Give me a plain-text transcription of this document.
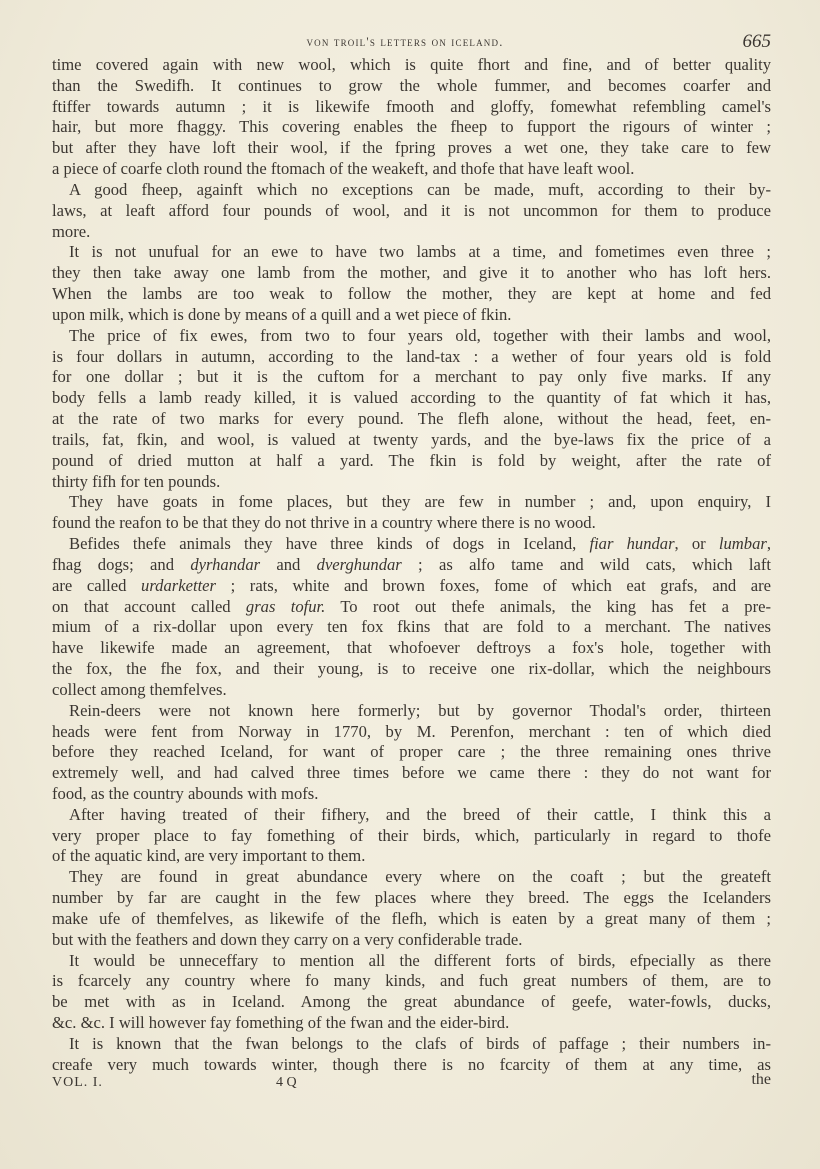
von troil's letters on iceland.	665
time covered again with new wool, which is quite fhort and fine, and of better quality
than the Swedifh. It continues to grow the whole fummer, and becomes coarfer and
ftiffer towards autumn ; it is likewife fmooth and gloffy, fomewhat refembling camel's
hair, but more fhaggy. This covering enables the fheep to fupport the rigours of winter ;
but after they have loft their wool, if the fpring proves a wet one, they take care to few
a piece of coarfe cloth round the ftomach of the weakeft, and thofe that have leaft wool.
A good fheep, againft which no exceptions can be made, muft, according to their by-
laws, at leaft afford four pounds of wool, and it is not uncommon for them to produce
more.
It is not unufual for an ewe to have two lambs at a time, and fometimes even three ;
they then take away one lamb from the mother, and give it to another who has loft hers.
When the lambs are too weak to follow the mother, they are kept at home and fed
upon milk, which is done by means of a quill and a wet piece of fkin.
The price of fix ewes, from two to four years old, together with their lambs and wool,
is four dollars in autumn, according to the land-tax : a wether of four years old is fold
for one dollar ; but it is the cuftom for a merchant to pay only five marks. If any
body fells a lamb ready killed, it is valued according to the quantity of fat which it has,
at the rate of two marks for every pound. The flefh alone, without the head, feet, en-
trails, fat, fkin, and wool, is valued at twenty yards, and the bye-laws fix the price of a
pound of dried mutton at half a yard. The fkin is fold by weight, after the rate of
thirty fifh for ten pounds.
They have goats in fome places, but they are few in number ; and, upon enquiry, I
found the reafon to be that they do not thrive in a country where there is no wood.
Befides thefe animals they have three kinds of dogs in Iceland, fiar hundar, or lumbar,
fhag dogs; and dyrhandar and dverghundar ; as alfo tame and wild cats, which laft
are called urdarketter ; rats, white and brown foxes, fome of which eat grafs, and are
on that account called gras tofur. To root out thefe animals, the king has fet a pre-
mium of a rix-dollar upon every ten fox fkins that are fold to a merchant. The natives
have likewife made an agreement, that whofoever deftroys a fox's hole, together with
the fox, the fhe fox, and their young, is to receive one rix-dollar, which the neighbours
collect among themfelves.
Rein-deers were not known here formerly; but by governor Thodal's order, thirteen
heads were fent from Norway in 1770, by M. Perenfon, merchant : ten of which died
before they reached Iceland, for want of proper care ; the three remaining ones thrive
extremely well, and had calved three times before we came there : they do not want for
food, as the country abounds with mofs.
After having treated of their fifhery, and the breed of their cattle, I think this a
very proper place to fay fomething of their birds, which, particularly in regard to thofe
of the aquatic kind, are very important to them.
They are found in great abundance every where on the coaft ; but the greateft
number by far are caught in the few places where they breed. The eggs the Icelanders
make ufe of themfelves, as likewife of the flefh, which is eaten by a great many of them ;
but with the feathers and down they carry on a very confiderable trade.
It would be unneceffary to mention all the different forts of birds, efpecially as there
is fcarcely any country where fo many kinds, and fuch great numbers of them, are to
be met with as in Iceland. Among the great abundance of geefe, water-fowls, ducks,
&c. &c. I will however fay fomething of the fwan and the eider-bird.
It is known that the fwan belongs to the clafs of birds of paffage ; their numbers in-
creafe very much towards winter, though there is no fcarcity of them at any time, as
VOL. I.	4 Q	the
